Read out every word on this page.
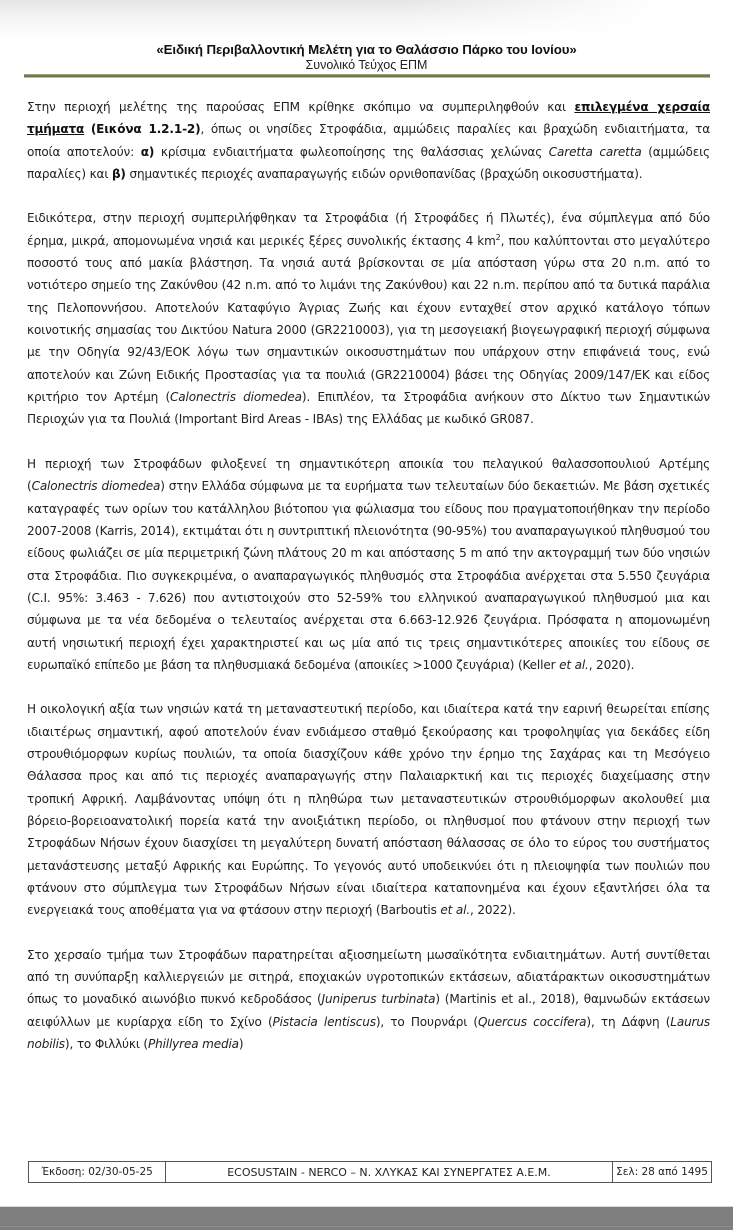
«Ειδική Περιβαλλοντική Μελέτη για το Θαλάσσιο Πάρκο του Ιονίου»
Συνολικό Τεύχος ΕΠΜ

Στην περιοχή μελέτης της παρούσας ΕΠΜ κρίθηκε σκόπιμο να συμπεριληφθούν και επιλεγμένα χερσαία τμήματα (Εικόνα 1.2.1-2), όπως οι νησίδες Στροφάδια, αμμώδεις παραλίες και βραχώδη ενδιαιτήματα, τα οποία αποτελούν: α) κρίσιμα ενδιαιτήματα φωλεοποίησης της θαλάσσιας χελώνας Caretta caretta (αμμώδεις παραλίες) και β) σημαντικές περιοχές αναπαραγωγής ειδών ορνιθοπανίδας (βραχώδη οικοσυστήματα).

Ειδικότερα, στην περιοχή συμπεριλήφθηκαν τα Στροφάδια (ή Στροφάδες ή Πλωτές), ένα σύμπλεγμα από δύο έρημα, μικρά, απομονωμένα νησιά και μερικές ξέρες συνολικής έκτασης 4 $km^2$, που καλύπτονται στο μεγαλύτερο ποσοστό τους από μακία βλάστηση. Τα νησιά αυτά βρίσκονται σε μία απόσταση γύρω στα 20 n.m. από το νοτιότερο σημείο της Ζακύνθου (42 n.m. από το λιμάνι της Ζακύνθου) και 22 n.m. περίπου από τα δυτικά παράλια της Πελοποννήσου. Αποτελούν Καταφύγιο Άγριας Ζωής και έχουν ενταχθεί στον αρχικό κατάλογο τόπων κοινοτικής σημασίας του Δικτύου Natura 2000 (GR2210003), για τη μεσογειακή βιογεωγραφική περιοχή σύμφωνα με την Οδηγία 92/43/ΕΟΚ λόγω των σημαντικών οικοσυστημάτων που υπάρχουν στην επιφάνειά τους, ενώ αποτελούν και Ζώνη Ειδικής Προστασίας για τα πουλιά (GR2210004) βάσει της Οδηγίας 2009/147/ΕΚ και είδος κριτήριο τον Αρτέμη (Calonectris diomedea). Επιπλέον, τα Στροφάδια ανήκουν στο Δίκτυο των Σημαντικών Περιοχών για τα Πουλιά (Important Bird Areas - IBAs) της Ελλάδας με κωδικό GR087.

Η περιοχή των Στροφάδων φιλοξενεί τη σημαντικότερη αποικία του πελαγικού θαλασσοπουλιού Αρτέμης (Calonectris diomedea) στην Ελλάδα σύμφωνα με τα ευρήματα των τελευταίων δύο δεκαετιών. Με βάση σχετικές καταγραφές των ορίων του κατάλληλου βιότοπου για φώλιασμα του είδους που πραγματοποιήθηκαν την περίοδο 2007-2008 (Karris, 2014), εκτιμάται ότι η συντριπτική πλειονότητα (90-95%) του αναπαραγωγικού πληθυσμού του είδους φωλιάζει σε μία περιμετρική ζώνη πλάτους 20 m και απόστασης 5 m από την ακτογραμμή των δύο νησιών στα Στροφάδια. Πιο συγκεκριμένα, ο αναπαραγωγικός πληθυσμός στα Στροφάδια ανέρχεται στα 5.550 ζευγάρια (C.I. 95%: 3.463 - 7.626) που αντιστοιχούν στο 52-59% του ελληνικού αναπαραγωγικού πληθυσμού μια και σύμφωνα με τα νέα δεδομένα ο τελευταίος ανέρχεται στα 6.663-12.926 ζευγάρια. Πρόσφατα η απομονωμένη αυτή νησιωτική περιοχή έχει χαρακτηριστεί και ως μία από τις τρεις σημαντικότερες αποικίες του είδους σε ευρωπαϊκό επίπεδο με βάση τα πληθυσμιακά δεδομένα (αποικίες >1000 ζευγάρια) (Keller et al., 2020).

Η οικολογική αξία των νησιών κατά τη μεταναστευτική περίοδο, και ιδιαίτερα κατά την εαρινή θεωρείται επίσης ιδιαιτέρως σημαντική, αφού αποτελούν έναν ενδιάμεσο σταθμό ξεκούρασης και τροφοληψίας για δεκάδες είδη στρουθιόμορφων κυρίως πουλιών, τα οποία διασχίζουν κάθε χρόνο την έρημο της Σαχάρας και τη Μεσόγειο Θάλασσα προς και από τις περιοχές αναπαραγωγής στην Παλαιαρκτική και τις περιοχές διαχείμασης στην τροπική Αφρική. Λαμβάνοντας υπόψη ότι η πληθώρα των μεταναστευτικών στρουθιόμορφων ακολουθεί μια βόρειο-βορειοανατολική πορεία κατά την ανοιξιάτικη περίοδο, οι πληθυσμοί που φτάνουν στην περιοχή των Στροφάδων Νήσων έχουν διασχίσει τη μεγαλύτερη δυνατή απόσταση θάλασσας σε όλο το εύρος του συστήματος μετανάστευσης μεταξύ Αφρικής και Ευρώπης. Το γεγονός αυτό υποδεικνύει ότι η πλειοψηφία των πουλιών που φτάνουν στο σύμπλεγμα των Στροφάδων Νήσων είναι ιδιαίτερα καταπονημένα και έχουν εξαντλήσει όλα τα ενεργειακά τους αποθέματα για να φτάσουν στην περιοχή (Barboutis et al., 2022).

Στο χερσαίο τμήμα των Στροφάδων παρατηρείται αξιοσημείωτη μωσαϊκότητα ενδιαιτημάτων. Αυτή συντίθεται από τη συνύπαρξη καλλιεργειών με σιτηρά, εποχιακών υγροτοπικών εκτάσεων, αδιατάρακτων οικοσυστημάτων όπως το μοναδικό αιωνόβιο πυκνό κεδροδάσος (Juniperus turbinata) (Martinis et al., 2018), θαμνωδών εκτάσεων αειφύλλων με κυρίαρχα είδη το Σχίνο (Pistacia lentiscus), το Πουρνάρι (Quercus coccifera), τη Δάφνη (Laurus nobilis), το Φιλλύκι (Phillyrea media)

Έκδοση: 02/30-05-25	ECOSUSTAIN - NERCO – Ν. ΧΛΥΚΑΣ ΚΑΙ ΣΥΝΕΡΓΑΤΕΣ Α.Ε.Μ.	Σελ: 28 από 1495
